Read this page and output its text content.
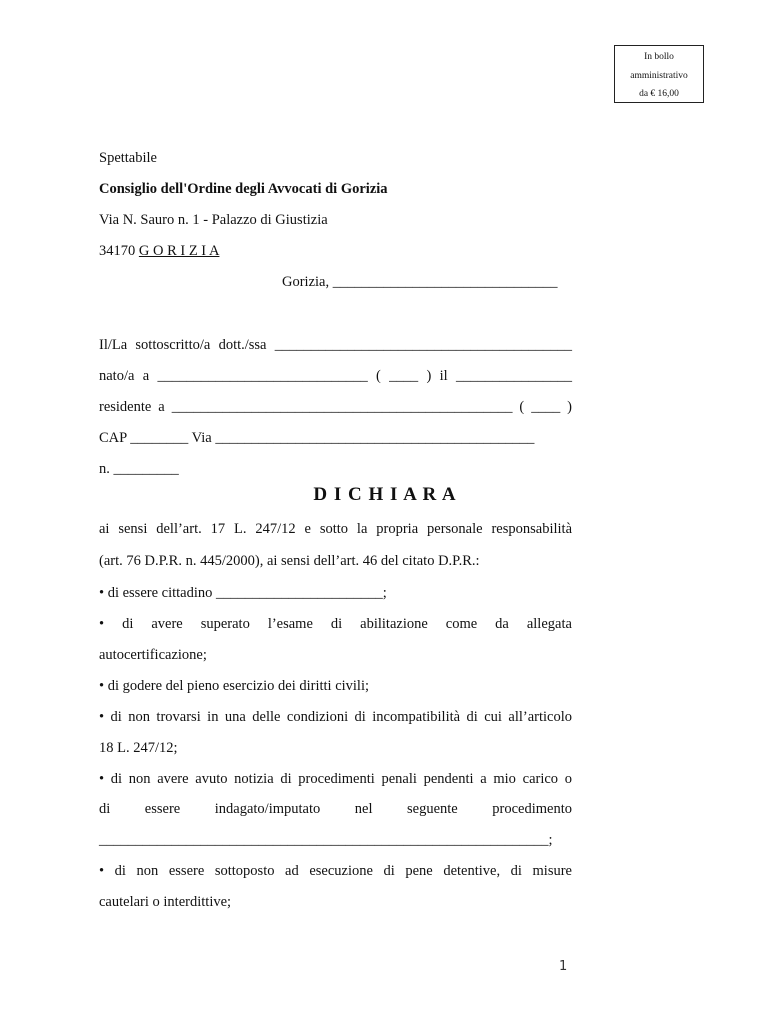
In bollo
amministrativo
da € 16,00
Spettabile
Consiglio dell'Ordine degli Avvocati di Gorizia
Via N. Sauro n. 1 - Palazzo di Giustizia
34170 G O R I Z I A
Gorizia, _______________________________
Il/La sottoscritto/a dott./ssa _________________________________________
nato/a a _____________________________ ( ____ ) il ________________
residente a _______________________________________________ ( ____ )
CAP ________ Via ____________________________________________
n. _________
D I C H I A R A
ai sensi dell’art. 17 L. 247/12 e sotto la propria personale responsabilità
(art. 76 D.P.R. n. 445/2000), ai sensi dell’art. 46 del citato D.P.R.:
• di essere cittadino _______________________;
• di avere superato l’esame di abilitazione come da allegata
autocertificazione;
• di godere del pieno esercizio dei diritti civili;
• di non trovarsi in una delle condizioni di incompatibilità di cui all’articolo
18 L. 247/12;
• di non avere avuto notizia di procedimenti penali pendenti a mio carico o
di essere indagato/imputato nel seguente procedimento
______________________________________________________________;
• di non essere sottoposto ad esecuzione di pene detentive, di misure
cautelari o interdittive;
1
